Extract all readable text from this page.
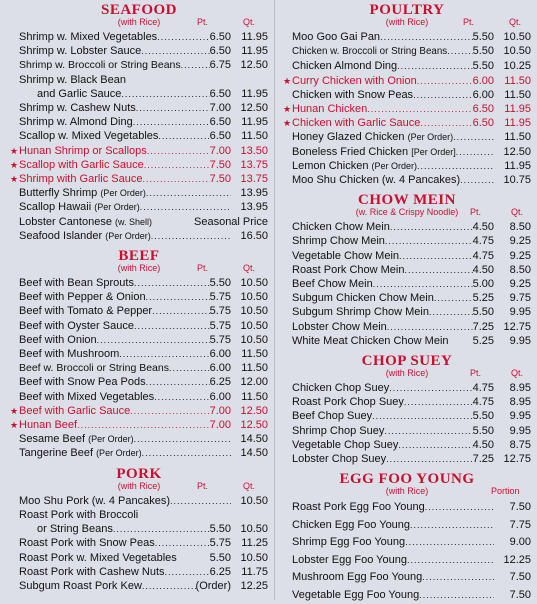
SEAFOOD
(with Rice)	Pt.	Qt.
Shrimp w. Mixed Vegetables .....	6.50 11.95
Shrimp w. Lobster Sauce .....	6.50 11.95
Shrimp w. Broccoli or String Beans .....	6.75 12.50
Shrimp w. Black Bean
and Garlic Sauce .....	6.50 11.95
Shrimp w. Cashew Nuts .....	7.00 12.50
Shrimp w. Almond Ding .....	6.50 11.95
Scallop w. Mixed Vegetables .....	6.50 11.50
★ Hunan Shrimp or Scallops .....	7.00 13.50
★ Scallop with Garlic Sauce .....	7.50 13.75
★ Shrimp with Garlic Sauce .....	7.50 13.75
Butterfly Shrimp (Per Order) .....	13.95
Scallop Hawaii (Per Order) .....	13.95
Lobster Cantonese (w. Shell)	Seasonal Price
Seafood Islander (Per Order) .....	16.50
BEEF
(with Rice)	Pt.	Qt.
Beef with Bean Sprouts .....	5.50 10.50
Beef with Pepper & Onion .....	5.75 10.50
Beef with Tomato & Pepper .....	5.75 10.50
Beef with Oyster Sauce .....	5.75 10.50
Beef with Onion .....	5.75 10.50
Beef with Mushroom .....	6.00 11.50
Beef w. Broccoli or String Beans .....	6.00 11.50
Beef with Snow Pea Pods .....	6.25 12.00
Beef with Mixed Vegetables .....	6.00 11.50
★ Beef with Garlic Sauce .....	7.00 12.50
★ Hunan Beef .....	7.00 12.50
Sesame Beef (Per Order) .....	14.50
Tangerine Beef (Per Order) .....	14.50
PORK
(with Rice)	Pt.	Qt.
Moo Shu Pork (w. 4 Pancakes) .....	10.50
Roast Pork with Broccoli
or String Beans .....	5.50 10.50
Roast Pork with Snow Peas .....	5.75 11.25
Roast Pork w. Mixed Vegetables	5.50 10.50
Roast Pork with Cashew Nuts .....	6.25 11.75
Subgum Roast Pork Kew .....	(Order) 12.25
POULTRY
(with Rice)	Pt.	Qt.
Moo Goo Gai Pan .....	5.50 10.50
Chicken w. Broccoli or String Beans ..... 5.50 10.50
Chicken Almond Ding .....	5.50 10.25
★ Curry Chicken with Onion .....	6.00 11.50
Chicken with Snow Peas .....	6.00 11.50
★ Hunan Chicken .....	6.50 11.95
★ Chicken with Garlic Sauce .....	6.50 11.95
Honey Glazed Chicken (Per Order) .....	11.50
Boneless Fried Chicken [Per Order] .....	12.50
Lemon Chicken (Per Order) .....	11.95
Moo Shu Chicken (w. 4 Pancakes) .....	10.75
CHOW MEIN
(w. Rice & Crispy Noodle)	Pt.	Qt.
Chicken Chow Mein .....	4.50	8.50
Shrimp Chow Mein .....	4.75	9.25
Vegetable Chow Mein .....	4.75	9.25
Roast Pork Chow Mein .....	4.50	8.50
Beef Chow Mein .....	5.00	9.25
Subgum Chicken Chow Mein .....	5.25	9.75
Subgum Shrimp Chow Mein .....	5.50	9.95
Lobster Chow Mein .....	7.25 12.75
White Meat Chicken Chow Mein 5.25	9.95
CHOP SUEY
(with Rice)	Pt.	Qt.
Chicken Chop Suey .....	4.75	8.95
Roast Pork Chop Suey .....	4.75	8.95
Beef Chop Suey .....	5.50	9.95
Shrimp Chop Suey .....	5.50	9.95
Vegetable Chop Suey .....	4.50	8.75
Lobster Chop Suey .....	7.25 12.75
EGG FOO YOUNG
(with Rice)	Portion
Roast Pork Egg Foo Young .....	7.50
Chicken Egg Foo Young .....	7.75
Shrimp Egg Foo Young .....	9.00
Lobster Egg Foo Young .....	12.25
Mushroom Egg Foo Young .....	7.50
Vegetable Egg Foo Young .....	7.50
